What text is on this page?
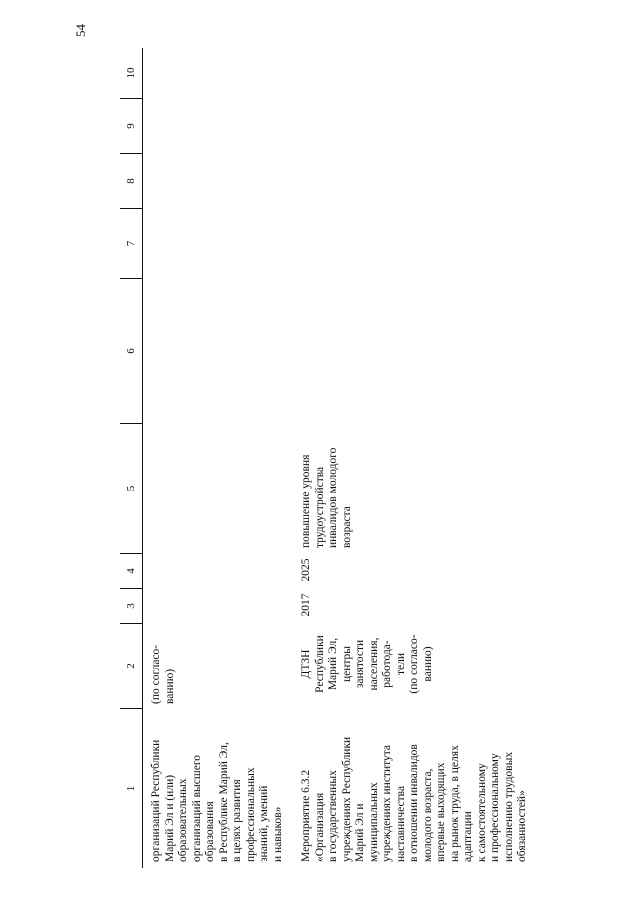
54
1
2
3
4
5
6
7
8
9
10
организаций Республики Марий Эл и (или) образовательных организаций высшего образования в Республике Марий Эл, в целях развития профессиональных знаний, умений и навыков»
(по согласо- ванию)
Мероприятие 6.3.2 «Организация в государственных учреждениях Республики Марий Эл и муниципальных учреждениях института наставничества в отношении инвалидов молодого возраста, впервые выходящих на рынок труда, в целях адаптации к самостоятельному и профессиональному исполнению трудовых обязанностей»
ДТЗН Республики Марий Эл, центры занятости населения, работода- тели (по согласо- ванию)
2017
2025
повышение уровня трудоустройства инвалидов молодого возраста
